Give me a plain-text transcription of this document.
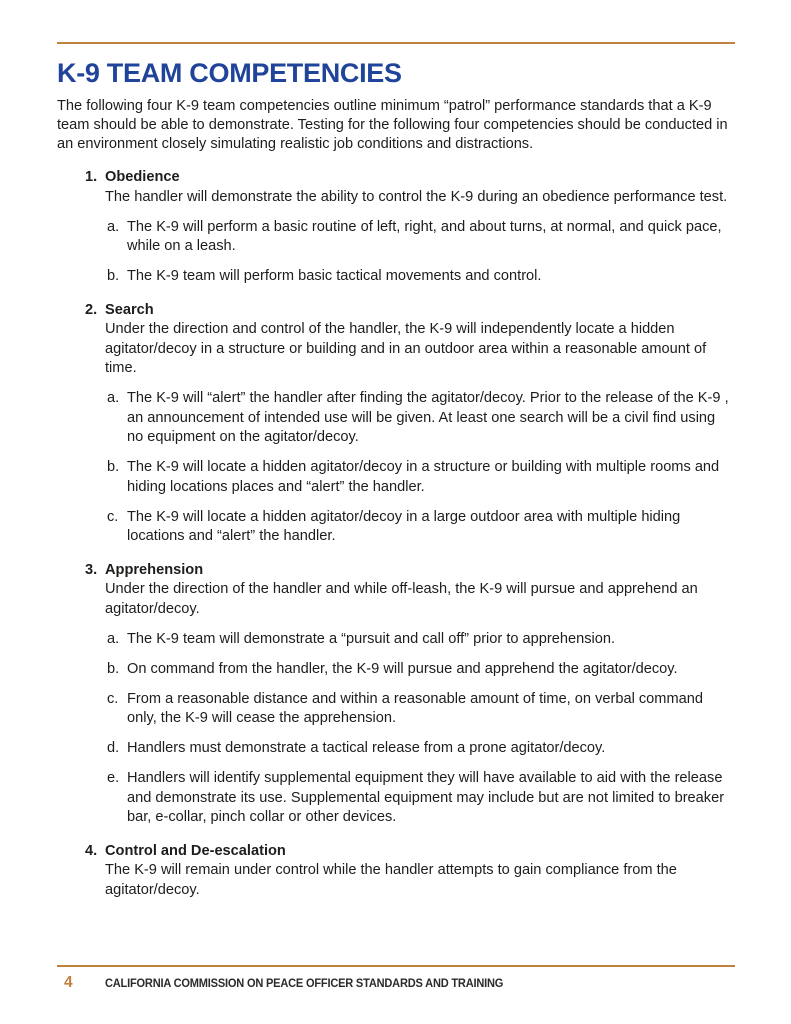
K-9 TEAM COMPETENCIES

The following four K-9 team competencies outline minimum “patrol” performance standards that a K-9 team should be able to demonstrate. Testing for the following four competencies should be conducted in an environment closely simulating realistic job conditions and distractions.

1. Obedience
The handler will demonstrate the ability to control the K-9 during an obedience performance test.
a. The K-9 will perform a basic routine of left, right, and about turns, at normal, and quick pace, while on a leash.
b. The K-9 team will perform basic tactical movements and control.
2. Search
Under the direction and control of the handler, the K-9 will independently locate a hidden agitator/decoy in a structure or building and in an outdoor area within a reasonable amount of time.
a. The K-9 will “alert” the handler after finding the agitator/decoy. Prior to the release of the K-9 , an announcement of intended use will be given. At least one search will be a civil find using no equipment on the agitator/decoy.
b. The K-9 will locate a hidden agitator/decoy in a structure or building with multiple rooms and hiding locations places and “alert” the handler.
c. The K-9 will locate a hidden agitator/decoy in a large outdoor area with multiple hiding locations and “alert” the handler.
3. Apprehension
Under the direction of the handler and while off-leash, the K-9 will pursue and apprehend an agitator/decoy.
a. The K-9 team will demonstrate a “pursuit and call off” prior to apprehension.
b. On command from the handler, the K-9 will pursue and apprehend the agitator/decoy.
c. From a reasonable distance and within a reasonable amount of time, on verbal command only, the K-9 will cease the apprehension.
d. Handlers must demonstrate a tactical release from a prone agitator/decoy.
e. Handlers will identify supplemental equipment they will have available to aid with the release and demonstrate its use. Supplemental equipment may include but are not limited to breaker bar, e-collar, pinch collar or other devices.
4. Control and De-escalation
The K-9 will remain under control while the handler attempts to gain compliance from the agitator/decoy.
4	CALIFORNIA COMMISSION ON PEACE OFFICER STANDARDS AND TRAINING
